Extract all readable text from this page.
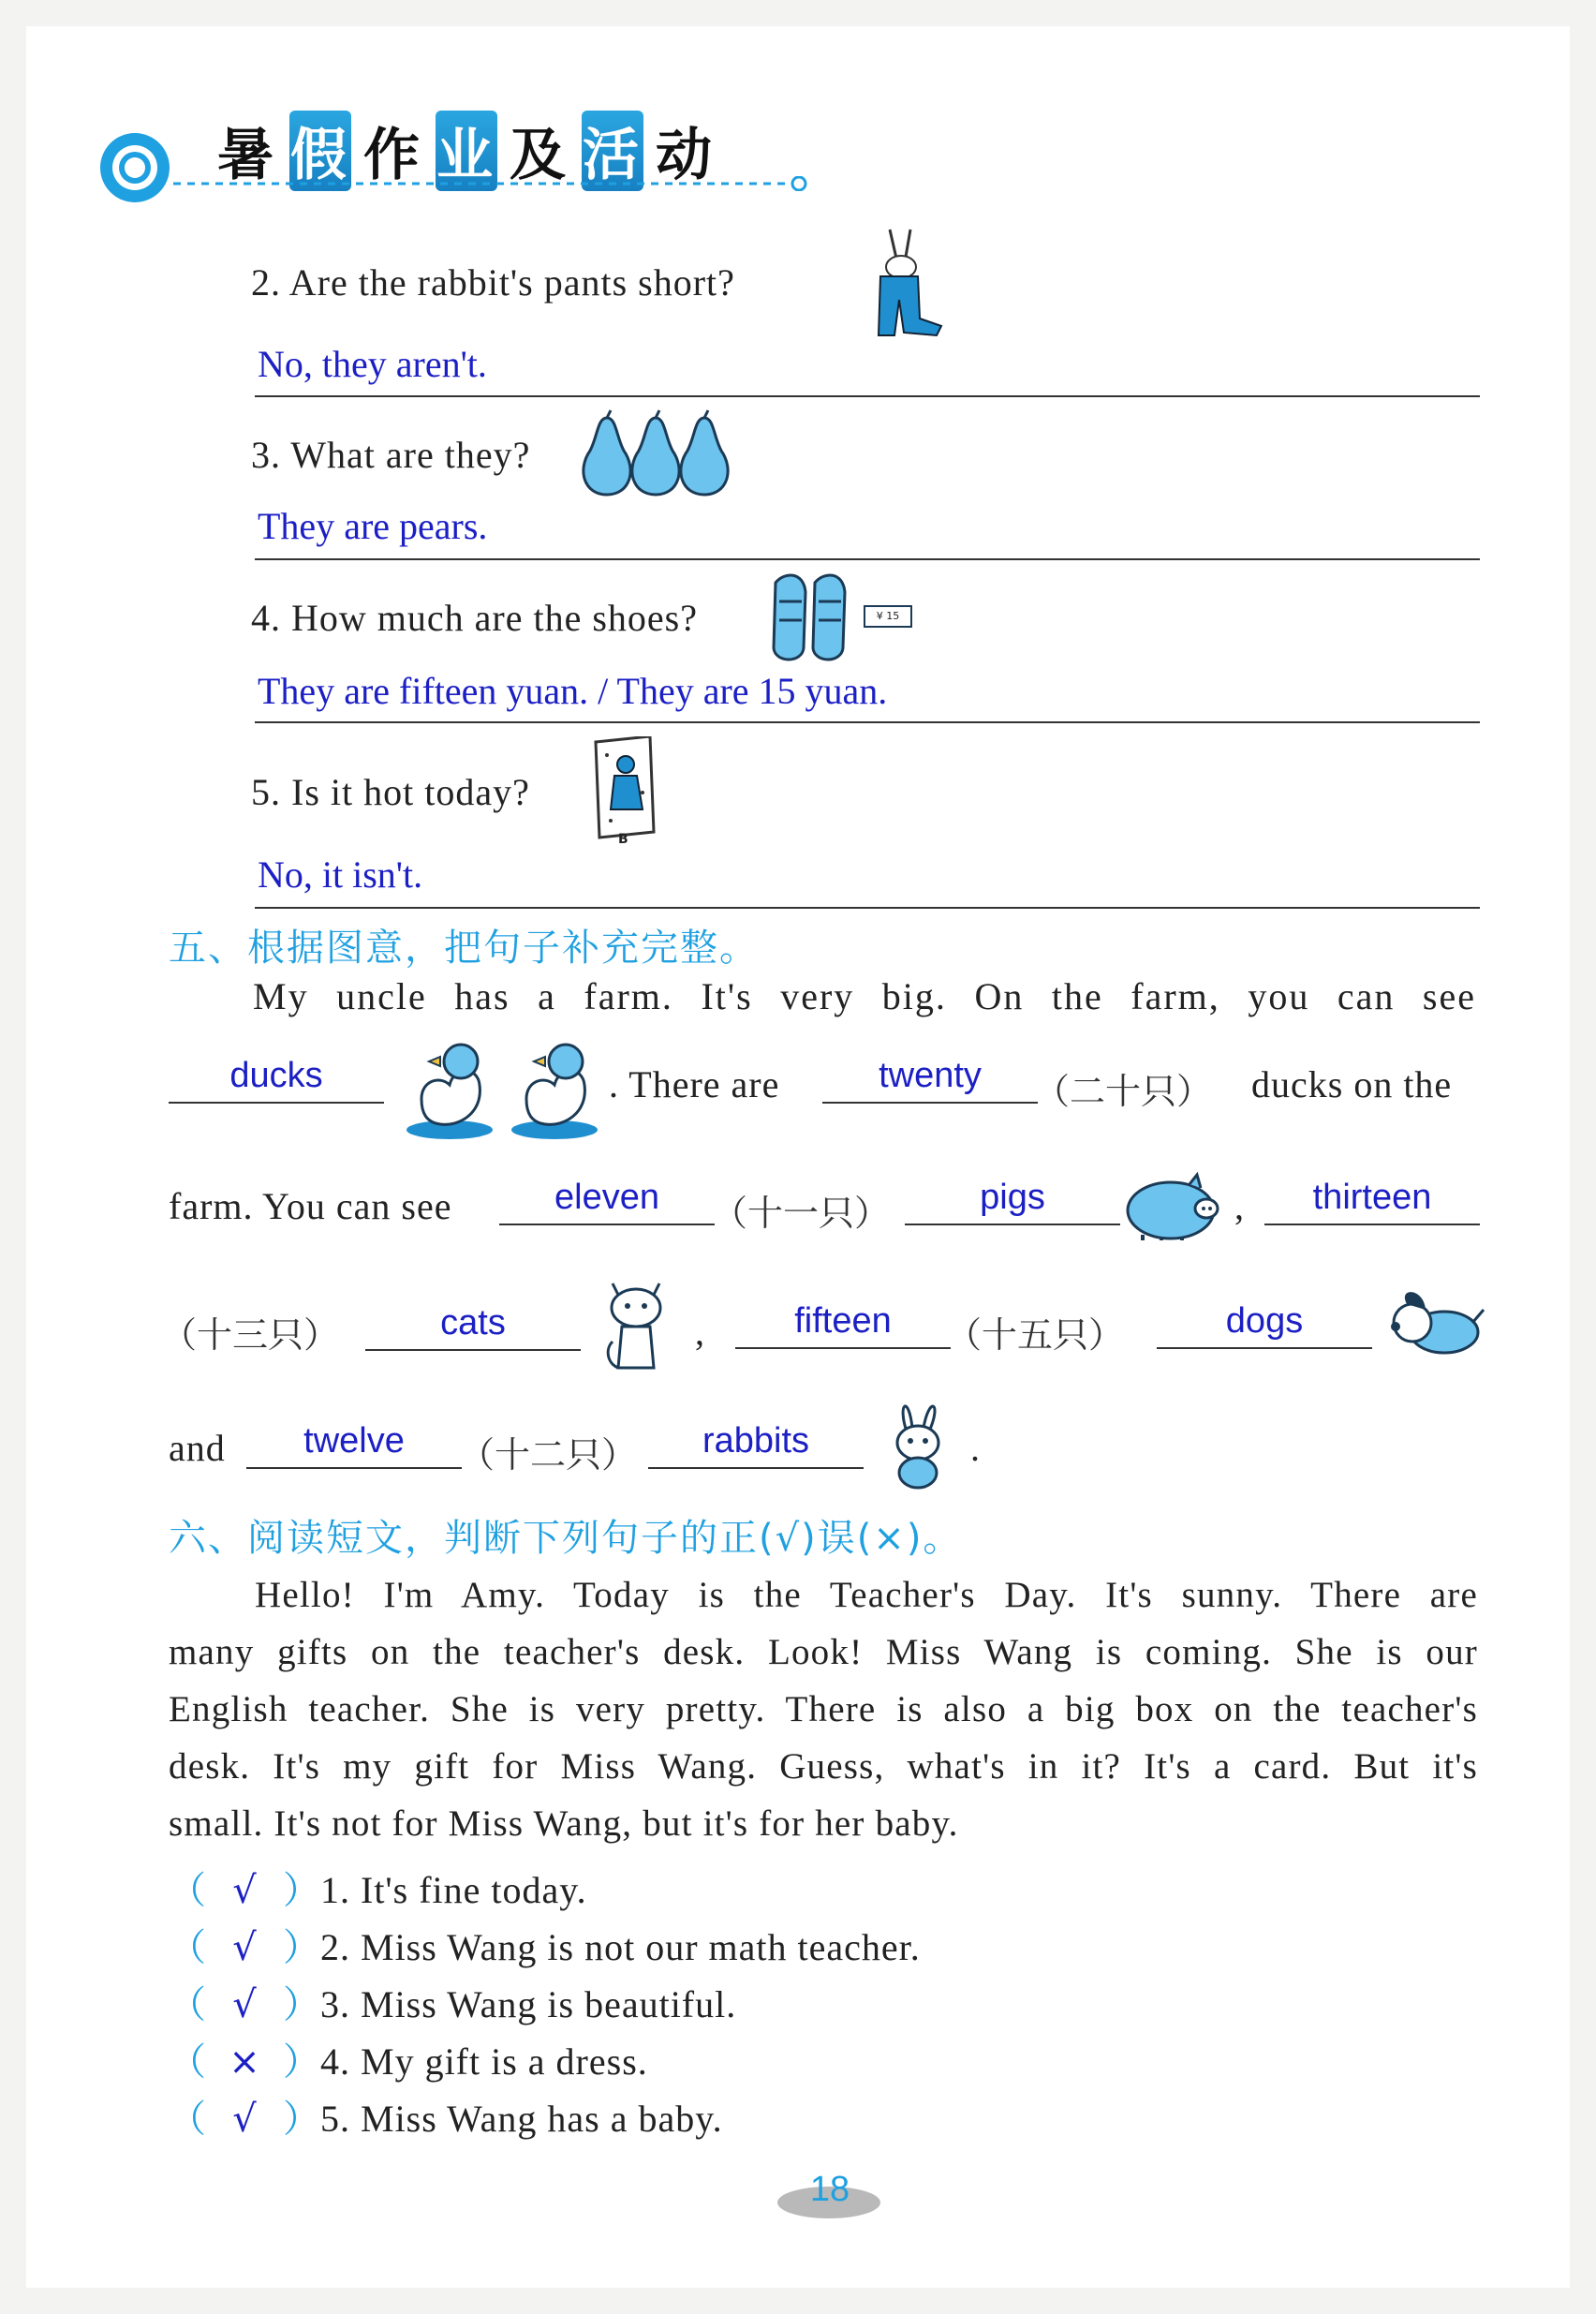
暑 假 作 业 及 活 动
2. Are the rabbit's pants short?
No, they aren't.
3. What are they?
They are pears.
4. How much are the shoes?	¥ 15
They are fifteen yuan. / They are 15 yuan.
5. Is it hot today?
B
No, it isn't.
五、根据图意，把句子补充完整。
My uncle has a farm. It's very big. On the farm, you can see
ducks	. There are	twenty	（二十只） ducks on the
farm. You can see	eleven	（十一只）	pigs	,	thirteen
（十三只）	cats	,	fifteen	（十五只）	dogs
and	twelve	（十二只）	rabbits	.
六、阅读短文，判断下列句子的正(√)误(×)。
Hello! I'm Amy. Today is the Teacher's Day. It's sunny. There are
many gifts on the teacher's desk. Look! Miss Wang is coming. She is our
English teacher. She is very pretty. There is also a big box on the teacher's
desk. It's my gift for Miss Wang. Guess, what's in it? It's a card. But it's
small. It's not for Miss Wang, but it's for her baby.
（ √ ）1. It's fine today.
（ √ ）2. Miss Wang is not our math teacher.
（ √ ）3. Miss Wang is beautiful.
（ × ）4. My gift is a dress.
（ √ ）5. Miss Wang has a baby.
18
